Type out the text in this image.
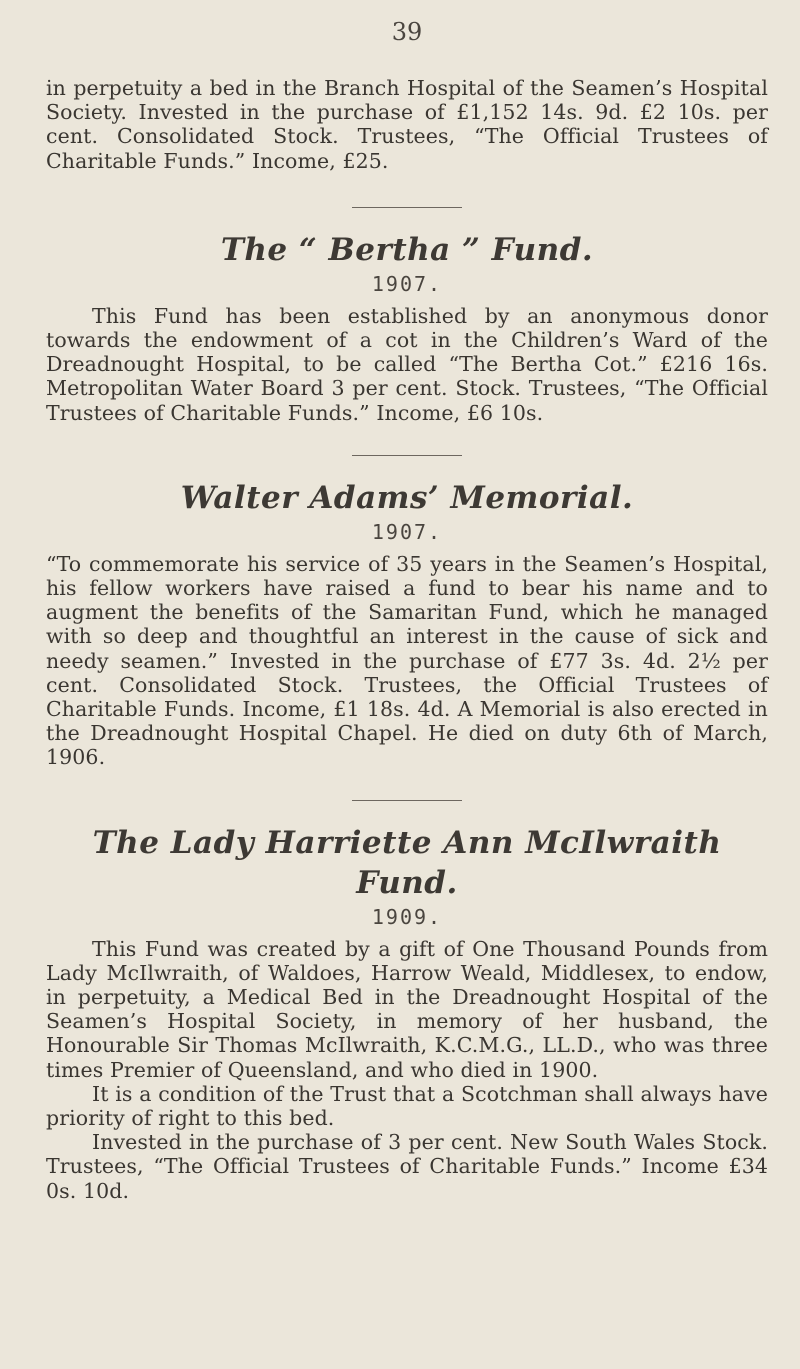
39

in perpetuity a bed in the Branch Hospital of the Seamen’s Hospital Society. Invested in the purchase of £1,152 14s. 9d. £2 10s. per cent. Consolidated Stock. Trustees, “The Official Trustees of Charitable Funds.” Income, £25.

The “ Bertha ” Fund.
1907.

This Fund has been established by an anonymous donor towards the endowment of a cot in the Children’s Ward of the Dreadnought Hospital, to be called “The Bertha Cot.” £216 16s. Metropolitan Water Board 3 per cent. Stock. Trustees, “The Official Trustees of Charitable Funds.” Income, £6 10s.

Walter Adams’ Memorial.
1907.

“To commemorate his service of 35 years in the Seamen’s Hospital, his fellow workers have raised a fund to bear his name and to augment the benefits of the Samaritan Fund, which he managed with so deep and thoughtful an interest in the cause of sick and needy seamen.” Invested in the purchase of £77 3s. 4d. 2½ per cent. Consolidated Stock. Trustees, the Official Trustees of Charitable Funds. Income, £1 18s. 4d. A Memorial is also erected in the Dreadnought Hospital Chapel. He died on duty 6th of March, 1906.

The Lady Harriette Ann McIlwraith Fund.
1909.

This Fund was created by a gift of One Thousand Pounds from Lady McIlwraith, of Waldoes, Harrow Weald, Middlesex, to endow, in perpetuity, a Medical Bed in the Dreadnought Hospital of the Seamen’s Hospital Society, in memory of her husband, the Honourable Sir Thomas McIlwraith, K.C.M.G., LL.D., who was three times Premier of Queensland, and who died in 1900.

It is a condition of the Trust that a Scotchman shall always have priority of right to this bed.

Invested in the purchase of 3 per cent. New South Wales Stock. Trustees, “The Official Trustees of Charitable Funds.” Income £34 0s. 10d.
